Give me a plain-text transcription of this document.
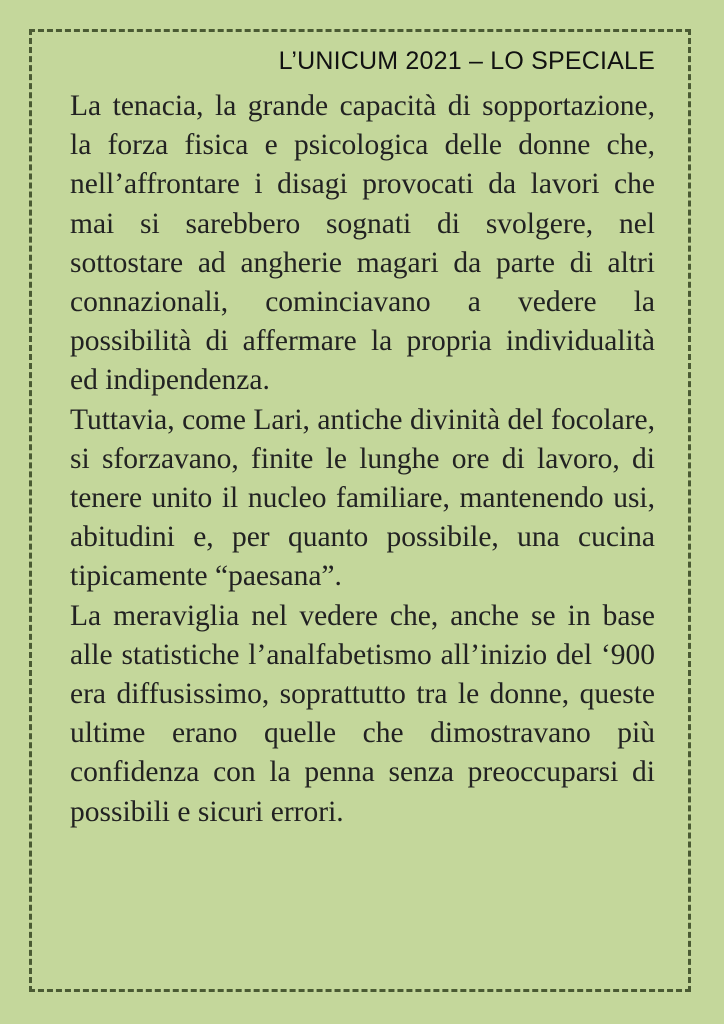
L’UNICUM 2021 – LO SPECIALE

La tenacia, la grande capacità di sopportazione, la forza fisica e psicologica delle donne che, nell’affrontare i disagi provocati da lavori che mai si sarebbero sognati di svolgere, nel sottostare ad angherie magari da parte di altri connazionali, cominciavano a vedere la possibilità di affermare la propria individualità ed indipendenza.

Tuttavia, come Lari, antiche divinità del focolare, si sforzavano, finite le lunghe ore di lavoro, di tenere unito il nucleo familiare, mantenendo usi, abitudini e, per quanto possibile, una cucina tipicamente “paesana”.

La meraviglia nel vedere che, anche se in base alle statistiche l’analfabetismo all’inizio del ‘900 era diffusissimo, soprattutto tra le donne, queste ultime erano quelle che dimostravano più confidenza con la penna senza preoccuparsi di possibili e sicuri errori.
